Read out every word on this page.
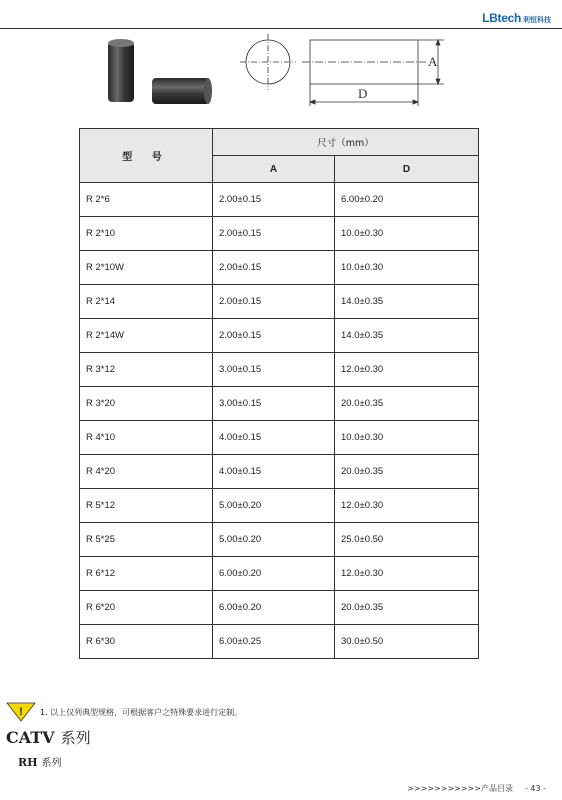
LBtech 利恒科技
A
D
型 号	尺寸（mm）	
	A	D
R 2*6	2.00±0.15	6.00±0.20
R 2*10	2.00±0.15	10.0±0.30
R 2*10W	2.00±0.15	10.0±0.30
R 2*14	2.00±0.15	14.0±0.35
R 2*14W	2.00±0.15	14.0±0.35
R 3*12	3.00±0.15	12.0±0.30
R 3*20	3.00±0.15	20.0±0.35
R 4*10	4.00±0.15	10.0±0.30
R 4*20	4.00±0.15	20.0±0.35
R 5*12	5.00±0.20	12.0±0.30
R 5*25	5.00±0.20	25.0±0.50
R 6*12	6.00±0.20	12.0±0.30
R 6*20	6.00±0.20	20.0±0.35
R 6*30	6.00±0.25	30.0±0.50
! 1. 以上仅列典型规格，可根据客户之特殊要求进行定制。
CATV 系列
RH 系列
>>>>>>>>>>>产品目录 - 43 -
